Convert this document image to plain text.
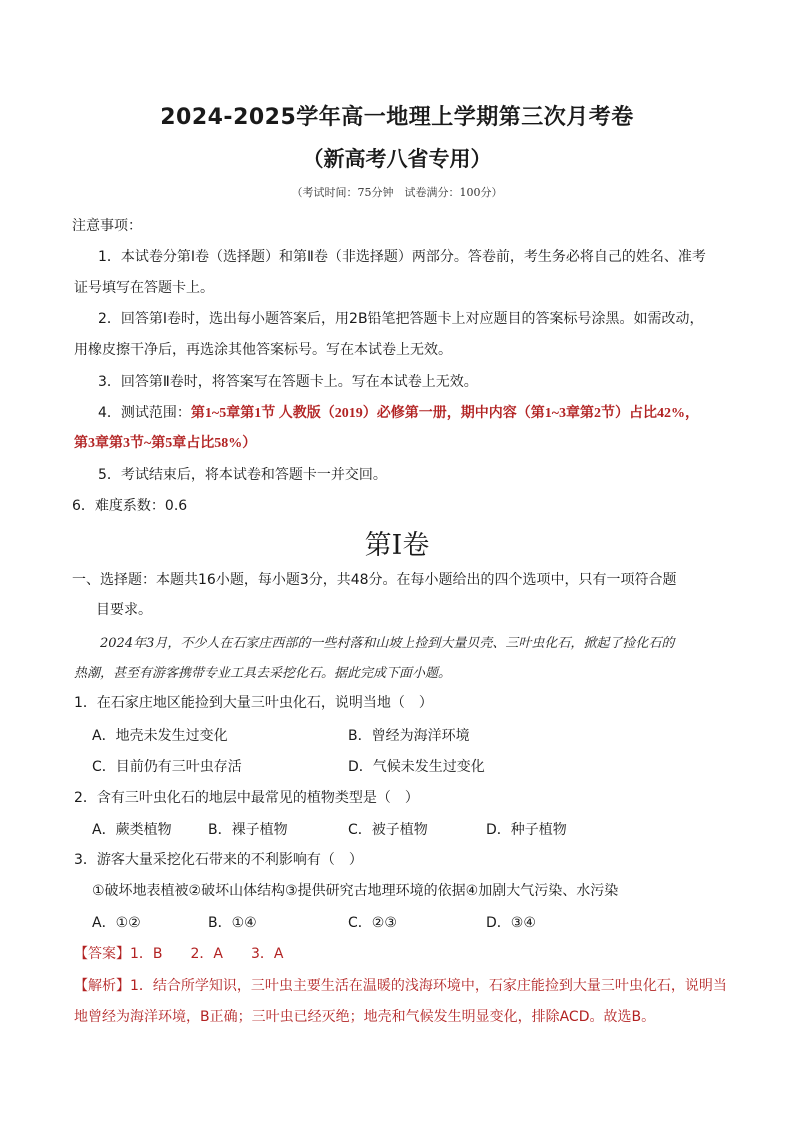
2024-2025学年高一地理上学期第三次月考卷
（新高考八省专用）
（考试时间：75分钟　试卷满分：100分）
注意事项：
1．本试卷分第Ⅰ卷（选择题）和第Ⅱ卷（非选择题）两部分。答卷前，考生务必将自己的姓名、准考
证号填写在答题卡上。
2．回答第Ⅰ卷时，选出每小题答案后，用2B铅笔把答题卡上对应题目的答案标号涂黑。如需改动，
用橡皮擦干净后，再选涂其他答案标号。写在本试卷上无效。
3．回答第Ⅱ卷时，将答案写在答题卡上。写在本试卷上无效。
4．测试范围：第1~5章第1节 人教版（2019）必修第一册，期中内容（第1~3章第2节）占比42%，
第3章第3节~第5章占比58%）
5．考试结束后，将本试卷和答题卡一并交回。
6．难度系数：0.6
第Ⅰ卷
一、选择题：本题共16小题，每小题3分，共48分。在每小题给出的四个选项中，只有一项符合题
目要求。
2024年3月，不少人在石家庄西部的一些村落和山坡上捡到大量贝壳、三叶虫化石，掀起了捡化石的
热潮，甚至有游客携带专业工具去采挖化石。据此完成下面小题。
1．在石家庄地区能捡到大量三叶虫化石，说明当地（　）
A．地壳未发生过变化	B．曾经为海洋环境
C．目前仍有三叶虫存活	D．气候未发生过变化
2．含有三叶虫化石的地层中最常见的植物类型是（　）
A．蕨类植物	B．裸子植物	C．被子植物	D．种子植物
3．游客大量采挖化石带来的不利影响有（　）
①破坏地表植被②破坏山体结构③提供研究古地理环境的依据④加剧大气污染、水污染
A．①②	B．①④	C．②③	D．③④
【答案】1．B　　2．A　　3．A
【解析】1．结合所学知识，三叶虫主要生活在温暖的浅海环境中，石家庄能捡到大量三叶虫化石，说明当
地曾经为海洋环境，B正确；三叶虫已经灭绝；地壳和气候发生明显变化，排除ACD。故选B。
